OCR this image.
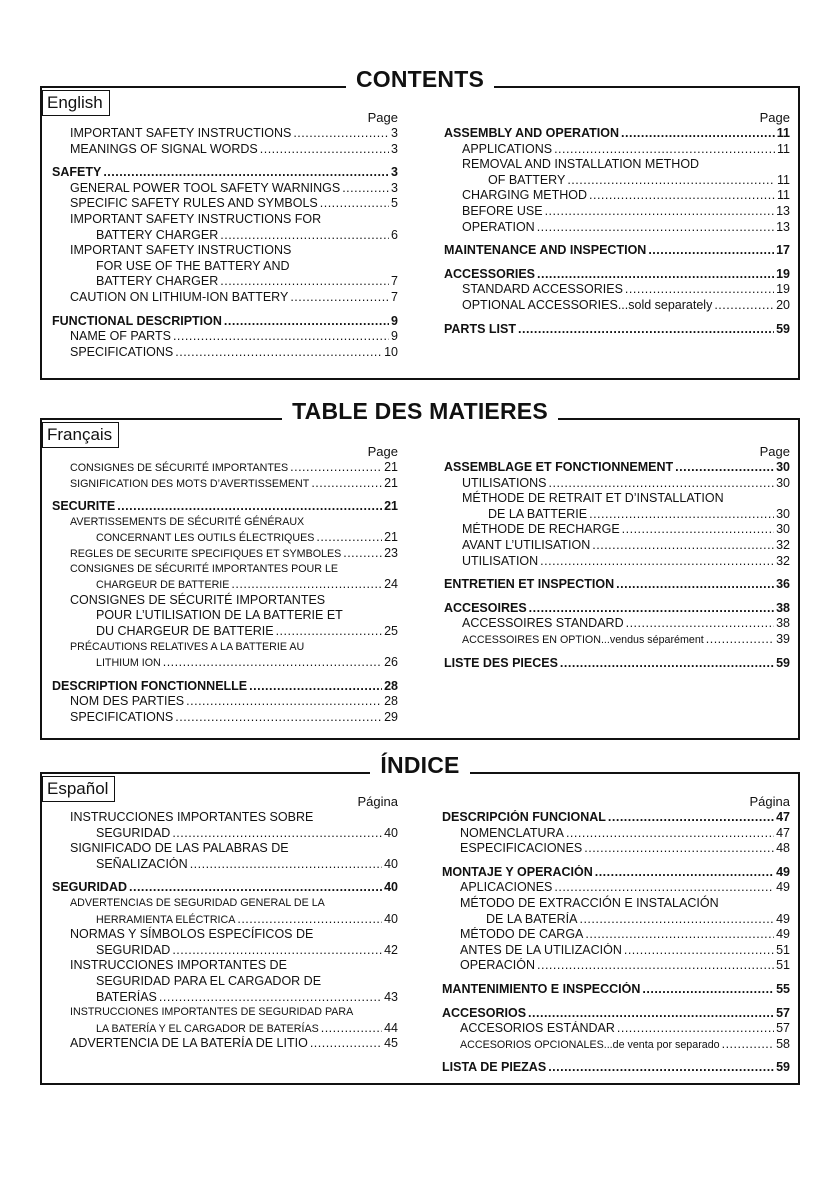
CONTENTS
English
Page
IMPORTANT SAFETY INSTRUCTIONS .....	3
MEANINGS OF SIGNAL WORDS .....	3
SAFETY .....	3
GENERAL POWER TOOL SAFETY WARNINGS .....	3
SPECIFIC SAFETY RULES AND SYMBOLS .....	5
IMPORTANT SAFETY INSTRUCTIONS FOR
BATTERY CHARGER .....	6
IMPORTANT SAFETY INSTRUCTIONS
FOR USE OF THE BATTERY AND
BATTERY CHARGER .....	7
CAUTION ON LITHIUM-ION BATTERY .....	7
FUNCTIONAL DESCRIPTION .....	9
NAME OF PARTS .....	9
SPECIFICATIONS .....	10
Page
ASSEMBLY AND OPERATION .....	11
APPLICATIONS .....	11
REMOVAL AND INSTALLATION METHOD
OF BATTERY .....	11
CHARGING METHOD .....	11
BEFORE USE .....	13
OPERATION .....	13
MAINTENANCE AND INSPECTION .....	17
ACCESSORIES .....	19
STANDARD ACCESSORIES .....	19
OPTIONAL ACCESSORIES...sold separately .....	20
PARTS LIST .....	59
TABLE DES MATIERES
Français
Page
CONSIGNES DE SÉCURITÉ IMPORTANTES .....	21
SIGNIFICATION DES MOTS D’AVERTISSEMENT .....	21
SECURITE .....	21
AVERTISSEMENTS DE SÉCURITÉ GÉNÉRAUX
CONCERNANT LES OUTILS ÉLECTRIQUES .....	21
REGLES DE SECURITE SPECIFIQUES ET SYMBOLES .....	23
CONSIGNES DE SÉCURITÉ IMPORTANTES POUR LE
CHARGEUR DE BATTERIE .....	24
CONSIGNES DE SÉCURITÉ IMPORTANTES
POUR L’UTILISATION DE LA BATTERIE ET
DU CHARGEUR DE BATTERIE .....	25
PRÉCAUTIONS RELATIVES A LA BATTERIE AU
LITHIUM ION .....	26
DESCRIPTION FONCTIONNELLE .....	28
NOM DES PARTIES .....	28
SPECIFICATIONS .....	29
Page
ASSEMBLAGE ET FONCTIONNEMENT .....	30
UTILISATIONS .....	30
MÉTHODE DE RETRAIT ET D’INSTALLATION
DE LA BATTERIE .....	30
MÉTHODE DE RECHARGE .....	30
AVANT L’UTILISATION .....	32
UTILISATION .....	32
ENTRETIEN ET INSPECTION .....	36
ACCESOIRES .....	38
ACCESSOIRES STANDARD .....	38
ACCESSOIRES EN OPTION...vendus séparément .....	39
LISTE DES PIECES .....	59
ÍNDICE
Español
Página
INSTRUCCIONES IMPORTANTES SOBRE
SEGURIDAD .....	40
SIGNIFICADO DE LAS PALABRAS DE
SEÑALIZACIÓN .....	40
SEGURIDAD .....	40
ADVERTENCIAS DE SEGURIDAD GENERAL DE LA
HERRAMIENTA ELÉCTRICA .....	40
NORMAS Y SÍMBOLOS ESPECÍFICOS DE
SEGURIDAD .....	42
INSTRUCCIONES IMPORTANTES DE
SEGURIDAD PARA EL CARGADOR DE
BATERÍAS .....	43
INSTRUCCIONES IMPORTANTES DE SEGURIDAD PARA
LA BATERÍA Y EL CARGADOR DE BATERÍAS .....	44
ADVERTENCIA DE LA BATERÍA DE LITIO .....	45
Página
DESCRIPCIÓN FUNCIONAL .....	47
NOMENCLATURA .....	47
ESPECIFICACIONES .....	48
MONTAJE Y OPERACIÓN .....	49
APLICACIONES .....	49
MÉTODO DE EXTRACCIÓN E INSTALACIÓN
DE LA BATERÍA .....	49
MÉTODO DE CARGA .....	49
ANTES DE LA UTILIZACIÓN .....	51
OPERACIÓN .....	51
MANTENIMIENTO E INSPECCIÓN .....	55
ACCESORIOS .....	57
ACCESORIOS ESTÁNDAR .....	57
ACCESORIOS OPCIONALES...de venta por separado .....	58
LISTA DE PIEZAS .....	59
